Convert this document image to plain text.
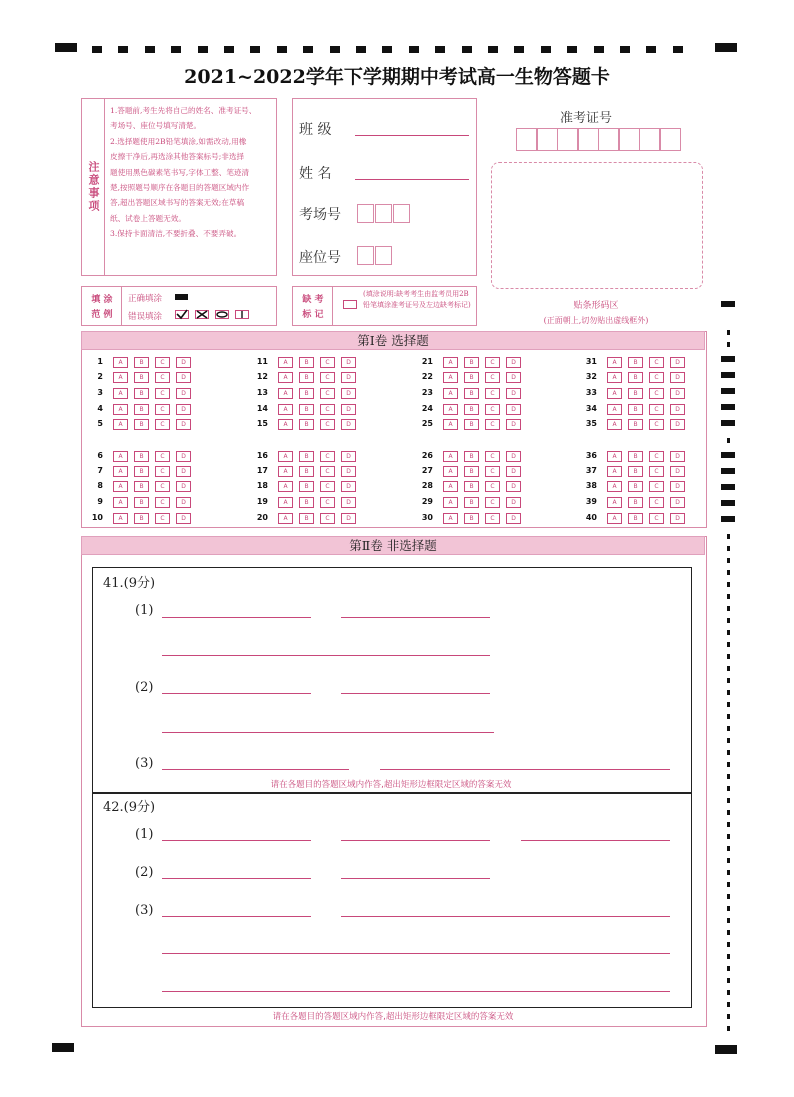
2021~2022学年下学期期中考试高一生物答题卡
注意事项
1.答题前,考生先将自己的姓名、准考证号、
考场号、座位号填写清楚。
2.选择题使用2B铅笔填涂,如需改动,用橡
皮擦干净后,再选涂其他答案标号;非选择
题使用黑色碳素笔书写,字体工整、笔迹清
楚,按照题号顺序在各题目的答题区域内作
答,超出答题区域书写的答案无效;在草稿
纸、试卷上答题无效。
3.保持卡面清洁,不要折叠、不要弄破。
班 级
姓 名
考场号
座位号
准考证号
贴条形码区
(正面朝上,切勿贴出虚线框外)
填 涂
范 例
正确填涂
错误填涂
缺 考
标 记
(填涂说明:缺考考生由监考员用2B铅笔填涂准考证号及左边缺考标记)
第Ⅰ卷 选择题
1	A	B	C	D
2	A	B	C	D
3	A	B	C	D
4	A	B	C	D
5	A	B	C	D
6	A	B	C	D
7	A	B	C	D
8	A	B	C	D
9	A	B	C	D
10	A	B	C	D
11	A	B	C	D
12	A	B	C	D
13	A	B	C	D
14	A	B	C	D
15	A	B	C	D
16	A	B	C	D
17	A	B	C	D
18	A	B	C	D
19	A	B	C	D
20	A	B	C	D
21	A	B	C	D
22	A	B	C	D
23	A	B	C	D
24	A	B	C	D
25	A	B	C	D
26	A	B	C	D
27	A	B	C	D
28	A	B	C	D
29	A	B	C	D
30	A	B	C	D
31	A	B	C	D
32	A	B	C	D
33	A	B	C	D
34	A	B	C	D
35	A	B	C	D
36	A	B	C	D
37	A	B	C	D
38	A	B	C	D
39	A	B	C	D
40	A	B	C	D
第Ⅱ卷 非选择题
41.(9分)
(1)
(2)
(3)
请在各题目的答题区域内作答,超出矩形边框限定区域的答案无效
42.(9分)
(1)
(2)
(3)
请在各题目的答题区域内作答,超出矩形边框限定区域的答案无效
